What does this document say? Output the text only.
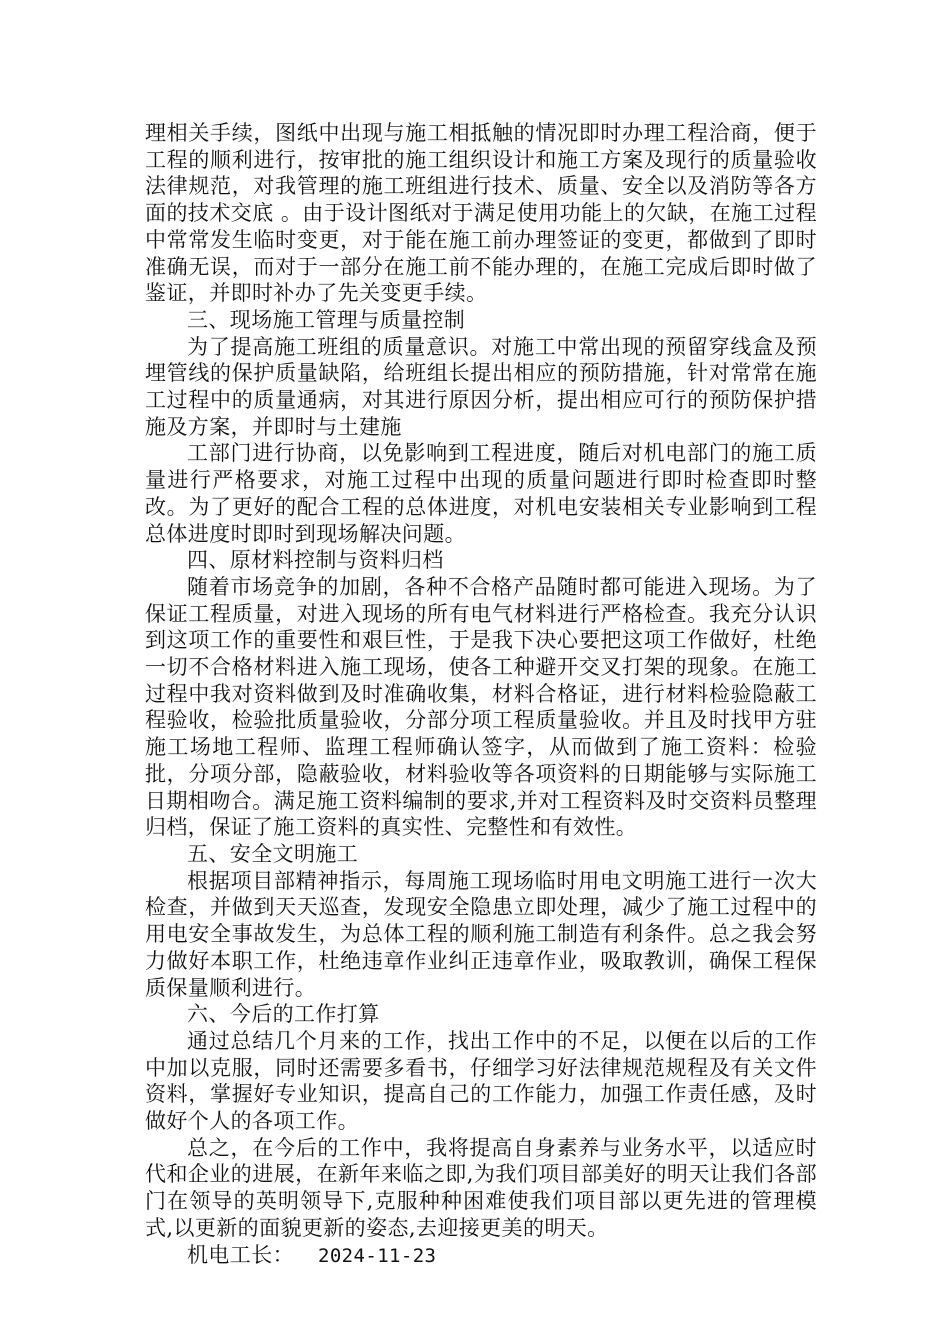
理相关手续，图纸中出现与施工相抵触的情况即时办理工程洽商，便于工程的顺利进行，按审批的施工组织设计和施工方案及现行的质量验收法律规范，对我管理的施工班组进行技术、质量、安全以及消防等各方面的技术交底 。由于设计图纸对于满足使用功能上的欠缺，在施工过程中常常发生临时变更，对于能在施工前办理签证的变更，都做到了即时准确无误，而对于一部分在施工前不能办理的，在施工完成后即时做了鉴证，并即时补办了先关变更手续。

三、现场施工管理与质量控制

为了提高施工班组的质量意识。对施工中常出现的预留穿线盒及预埋管线的保护质量缺陷，给班组长提出相应的预防措施，针对常常在施工过程中的质量通病，对其进行原因分析，提出相应可行的预防保护措施及方案，并即时与土建施

工部门进行协商，以免影响到工程进度，随后对机电部门的施工质量进行严格要求，对施工过程中出现的质量问题进行即时检查即时整改。为了更好的配合工程的总体进度，对机电安装相关专业影响到工程总体进度时即时到现场解决问题。

四、原材料控制与资料归档

随着市场竞争的加剧，各种不合格产品随时都可能进入现场。为了保证工程质量，对进入现场的所有电气材料进行严格检查。我充分认识到这项工作的重要性和艰巨性，于是我下决心要把这项工作做好，杜绝一切不合格材料进入施工现场，使各工种避开交叉打架的现象。在施工过程中我对资料做到及时准确收集，材料合格证，进行材料检验隐蔽工程验收，检验批质量验收，分部分项工程质量验收。并且及时找甲方驻施工场地工程师、监理工程师确认签字，从而做到了施工资料：检验批，分项分部，隐蔽验收，材料验收等各项资料的日期能够与实际施工日期相吻合。满足施工资料编制的要求,并对工程资料及时交资料员整理归档，保证了施工资料的真实性、完整性和有效性。

五、安全文明施工

根据项目部精神指示，每周施工现场临时用电文明施工进行一次大检查，并做到天天巡查，发现安全隐患立即处理，减少了施工过程中的用电安全事故发生，为总体工程的顺利施工制造有利条件。总之我会努力做好本职工作，杜绝违章作业纠正违章作业，吸取教训，确保工程保质保量顺利进行。

六、今后的工作打算

通过总结几个月来的工作，找出工作中的不足，以便在以后的工作中加以克服，同时还需要多看书，仔细学习好法律规范规程及有关文件资料，掌握好专业知识，提高自己的工作能力，加强工作责任感，及时做好个人的各项工作。

总之，在今后的工作中，我将提高自身素养与业务水平，以适应时代和企业的进展，在新年来临之即,为我们项目部美好的明天让我们各部门在领导的英明领导下,克服种种困难使我们项目部以更先进的管理模式,以更新的面貌更新的姿态,去迎接更美的明天。

机电工长： 2024-11-23
